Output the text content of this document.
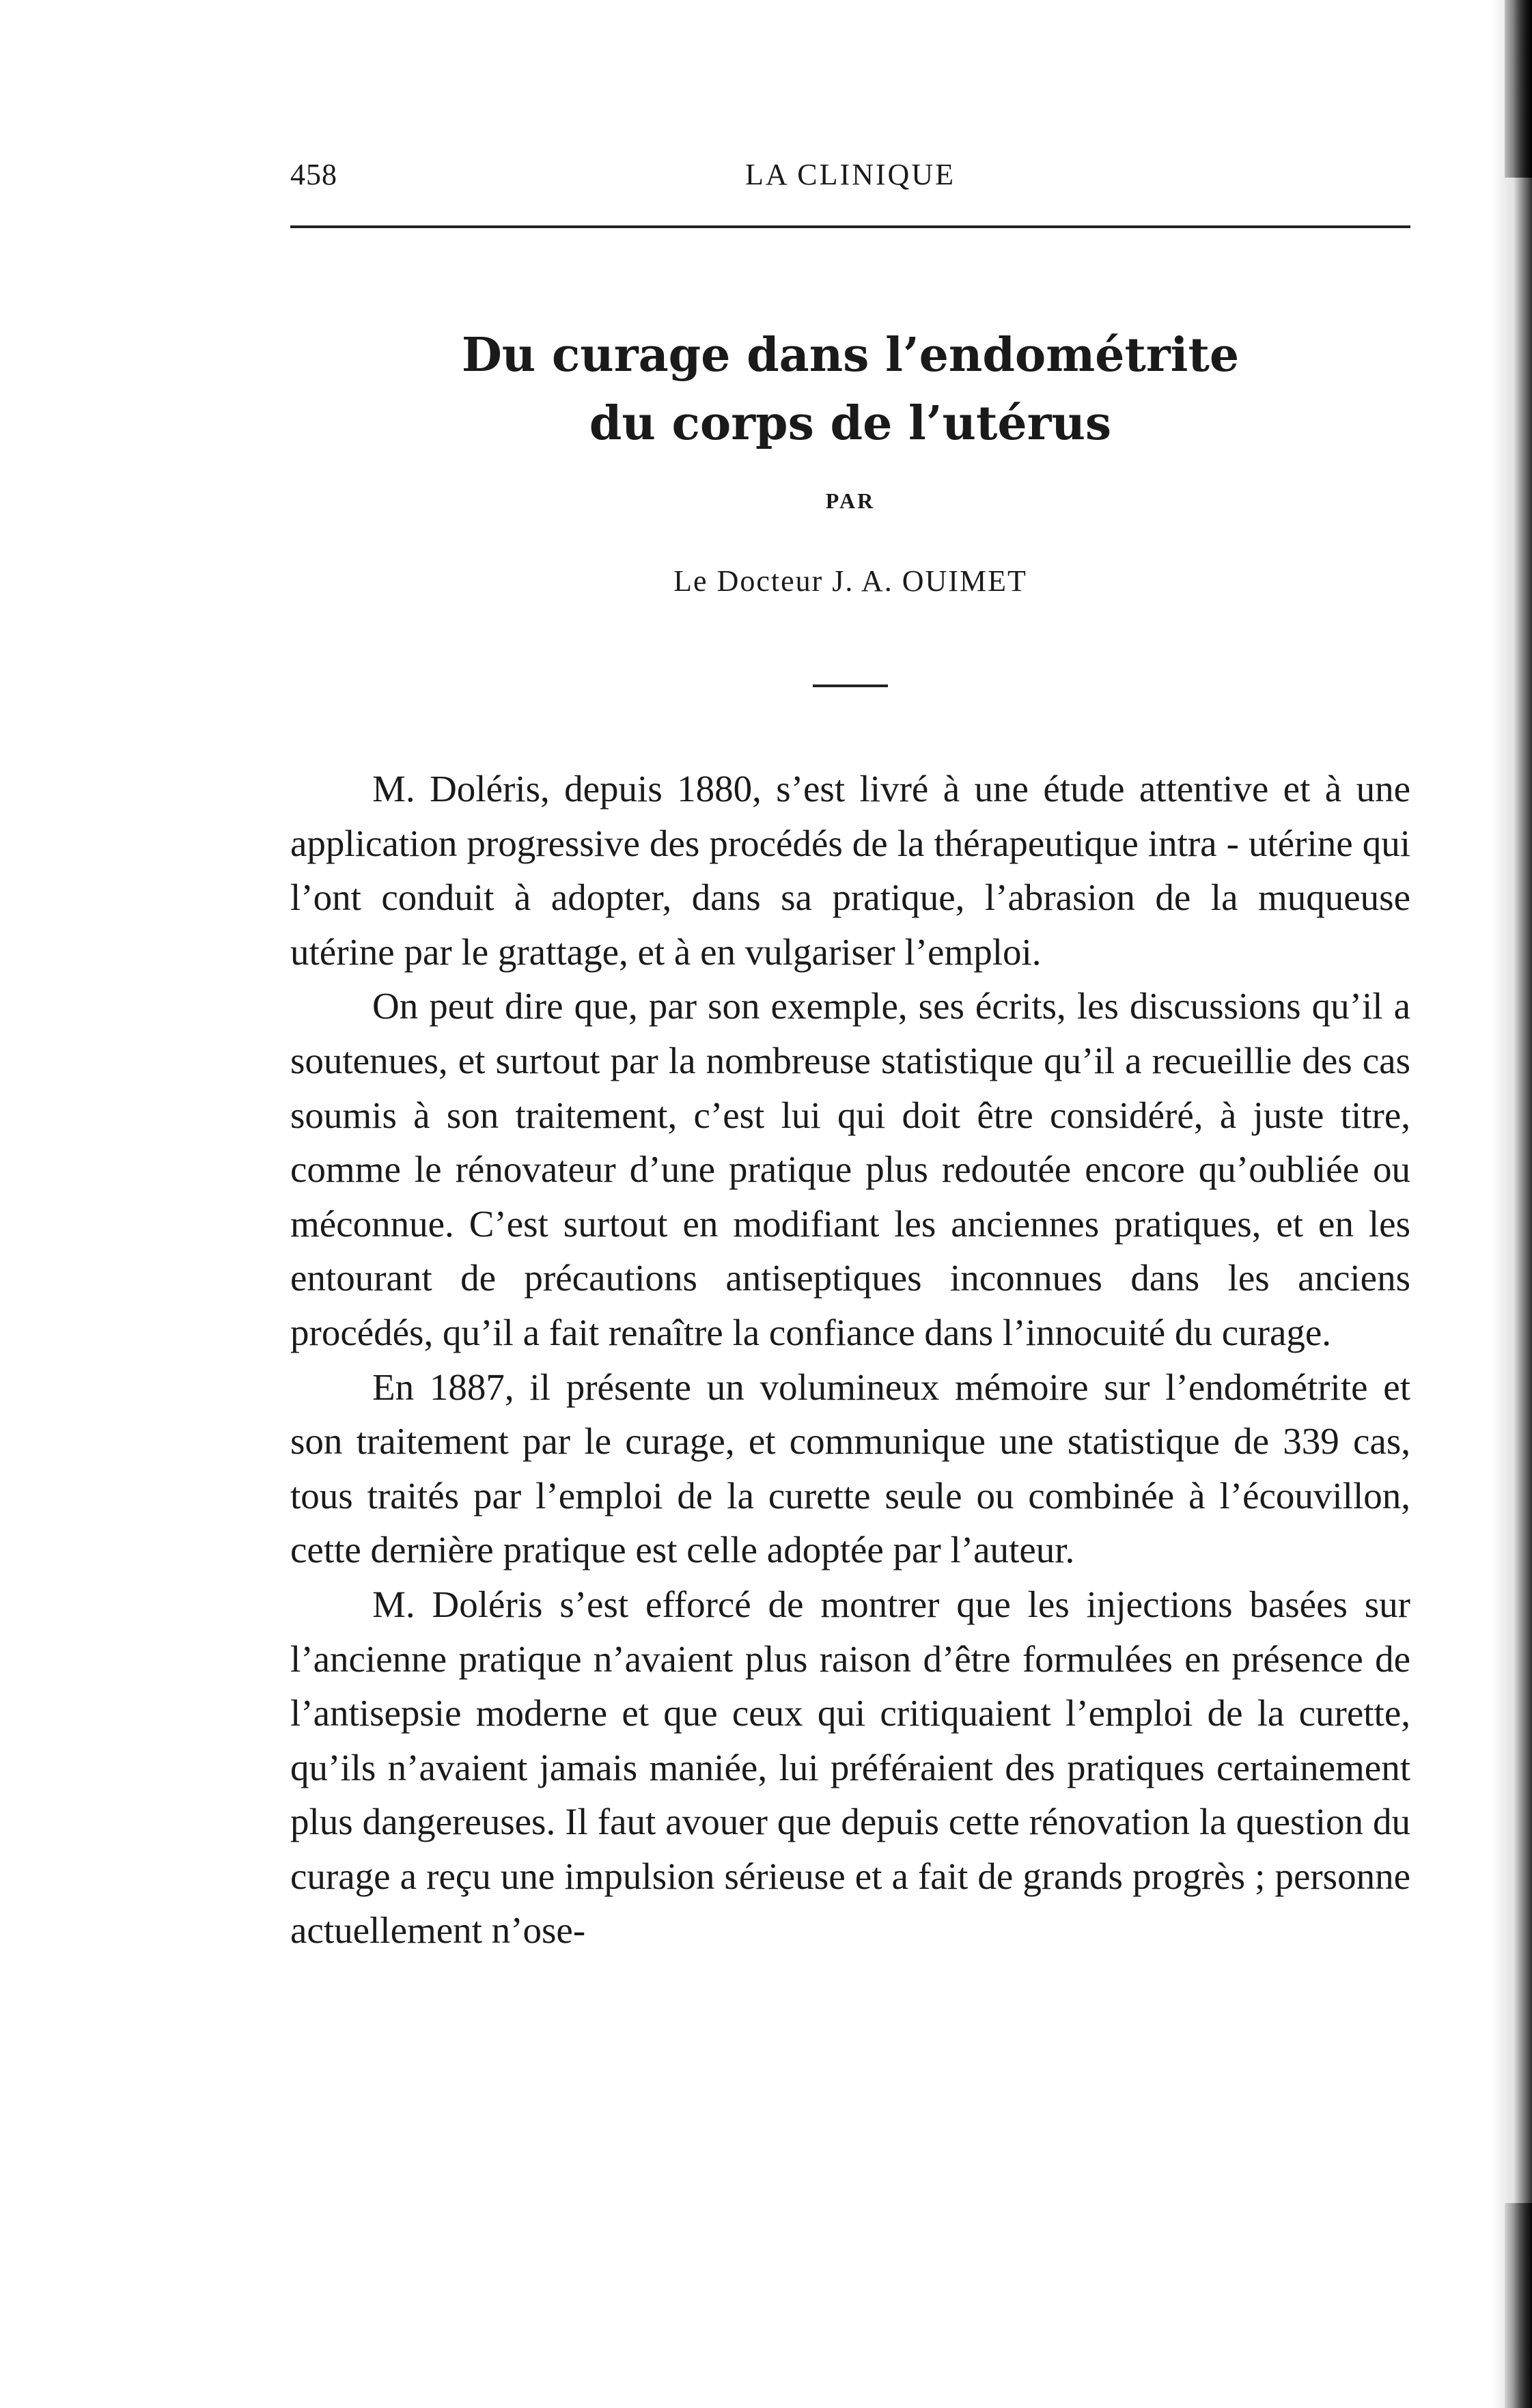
458	LA CLINIQUE
Du curage dans l’endométrite
du corps de l’utérus
PAR
Le Docteur J. A. OUIMET

M. Doléris, depuis 1880, s’est livré à une étude attentive et à une application progressive des procédés de la thérapeutique intra - utérine qui l’ont conduit à adopter, dans sa pratique, l’abrasion de la muqueuse utérine par le grattage, et à en vulgariser l’emploi.

On peut dire que, par son exemple, ses écrits, les discussions qu’il a soutenues, et surtout par la nombreuse statistique qu’il a recueillie des cas soumis à son traitement, c’est lui qui doit être considéré, à juste titre, comme le rénovateur d’une pratique plus redoutée encore qu’oubliée ou méconnue. C’est surtout en modifiant les anciennes pratiques, et en les entourant de précautions antiseptiques inconnues dans les anciens procédés, qu’il a fait renaître la confiance dans l’innocuité du curage.

En 1887, il présente un volumineux mémoire sur l’endométrite et son traitement par le curage, et communique une statistique de 339 cas, tous traités par l’emploi de la curette seule ou combinée à l’écouvillon, cette dernière pratique est celle adoptée par l’auteur.

M. Doléris s’est efforcé de montrer que les injections basées sur l’ancienne pratique n’avaient plus raison d’être formulées en présence de l’antisepsie moderne et que ceux qui critiquaient l’emploi de la curette, qu’ils n’avaient jamais maniée, lui préféraient des pratiques certainement plus dangereuses. Il faut avouer que depuis cette rénovation la question du curage a reçu une impulsion sérieuse et a fait de grands progrès ; personne actuellement n’ose-
